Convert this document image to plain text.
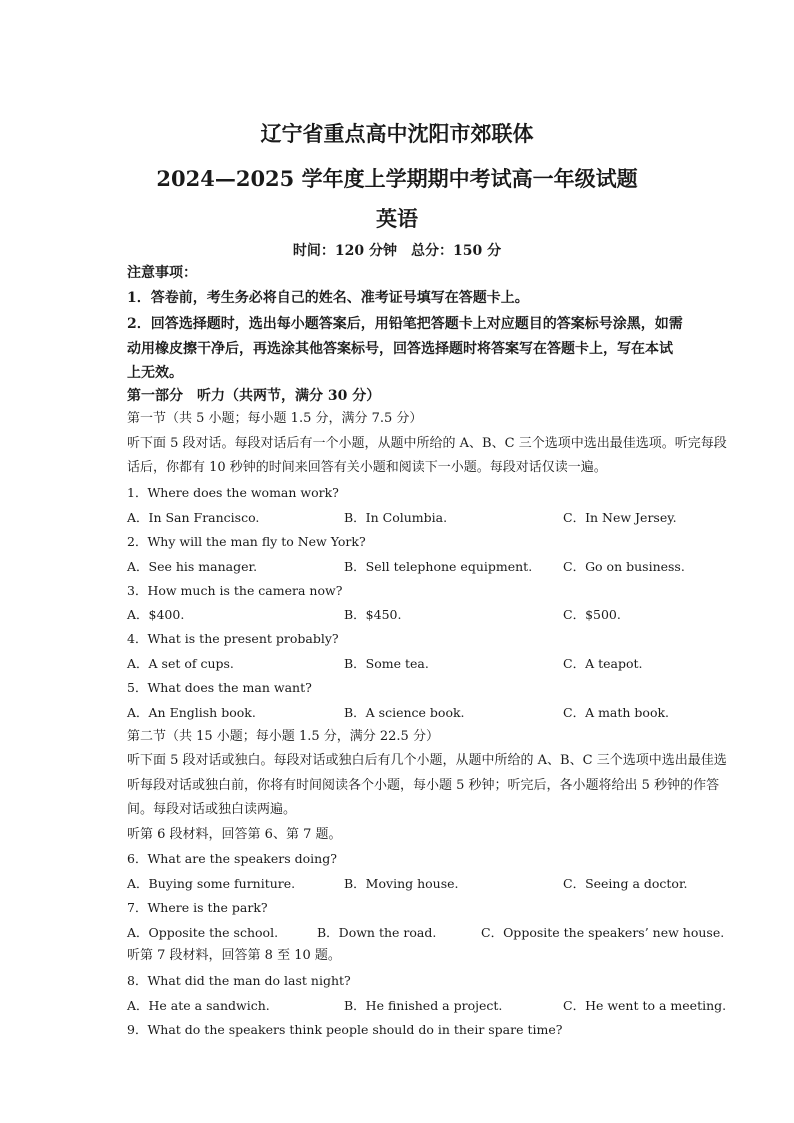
辽宁省重点高中沈阳市郊联体
2024—2025 学年度上学期期中考试高一年级试题
英语
时间：120 分钟　总分：150 分
注意事项：
1．答卷前，考生务必将自己的姓名、准考证号填写在答题卡上。
2．回答选择题时，选出每小题答案后，用铅笔把答题卡上对应题目的答案标号涂黑，如需
动用橡皮擦干净后，再选涂其他答案标号，回答选择题时将答案写在答题卡上，写在本试
上无效。
第一部分　听力（共两节，满分 30 分）
第一节（共 5 小题；每小题 1.5 分，满分 7.5 分）
听下面 5 段对话。每段对话后有一个小题，从题中所给的 A、B、C 三个选项中选出最佳选项。听完每段
话后，你都有 10 秒钟的时间来回答有关小题和阅读下一小题。每段对话仅读一遍。
1．Where does the woman work?
A．In San Francisco.	B．In Columbia.	C．In New Jersey.
2．Why will the man fly to New York?
A．See his manager.	B．Sell telephone equipment. C．Go on business.
3．How much is the camera now?
A．$400.	B．$450.	C．$500.
4．What is the present probably?
A．A set of cups.	B．Some tea.	C．A teapot.
5．What does the man want?
A．An English book.	B．A science book.	C．A math book.
第二节（共 15 小题；每小题 1.5 分，满分 22.5 分）
听下面 5 段对话或独白。每段对话或独白后有几个小题，从题中所给的 A、B、C 三个选项中选出最佳选
听每段对话或独白前，你将有时间阅读各个小题，每小题 5 秒钟；听完后，各小题将给出 5 秒钟的作答
间。每段对话或独白读两遍。
听第 6 段材料，回答第 6、第 7 题。
6．What are the speakers doing?
A．Buying some furniture.	B．Moving house.	C．Seeing a doctor.
7．Where is the park?
A．Opposite the school.	B．Down the road.	C．Opposite the speakers’ new house.
听第 7 段材料，回答第 8 至 10 题。
8．What did the man do last night?
A．He ate a sandwich.	B．He finished a project.	C．He went to a meeting.
9．What do the speakers think people should do in their spare time?
